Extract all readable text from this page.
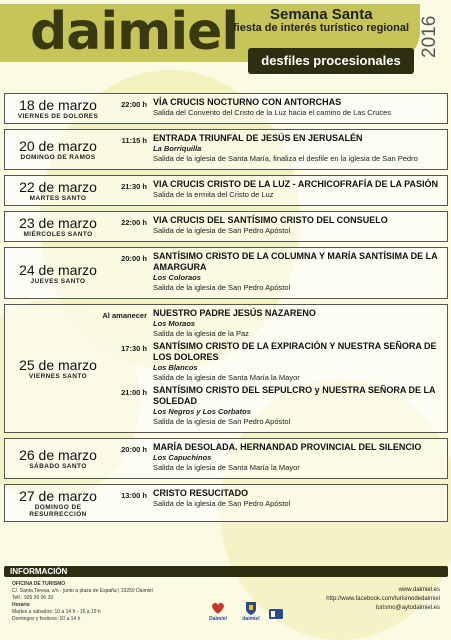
daimiel Semana Santa
fiesta de interés turístico regional
desfiles procesionales
2016
18 de marzo
VIERNES DE DOLORES
22:00 h VÍA CRUCIS NOCTURNO CON ANTORCHAS
Salida del Convento del Cristo de la Luz hacia el camino de Las Cruces
20 de marzo
DOMINGO DE RAMOS
11:15 h ENTRADA TRIUNFAL DE JESÚS EN JERUSALÉN
La Borriquilla
Salida de la iglesia de Santa María, finaliza el desfile en la iglesia de San Pedro
22 de marzo
MARTES SANTO
21:30 h VIA CRUCIS CRISTO DE LA LUZ - ARCHICOFRAFÍA DE LA PASIÓN
Salida de la ermita del Cristo de Luz
23 de marzo
MIÉRCOLES SANTO
22:00 h VIA CRUCIS DEL SANTÍSIMO CRISTO DEL CONSUELO
Salida de la iglesia de San Pedro Apóstol
24 de marzo
JUEVES SANTO
20:00 h SANTÍSIMO CRISTO DE LA COLUMNA Y MARÍA SANTÍSIMA DE LA AMARGURA
Los Coloraos
Salida de la iglesia de San Pedro Apóstol
25 de marzo
VIERNES SANTO
Al amanecer NUESTRO PADRE JESÚS NAZARENO
Los Moraos
Salida de la iglesia de la Paz
17:30 h SANTÍSIMO CRISTO DE LA EXPIRACIÓN Y NUESTRA SEÑORA DE LOS DOLORES
Los Blancos
Salida de la iglesia de Santa María la Mayor
21:00 h SANTÍSIMO CRISTO DEL SEPULCRO y NUESTRA SEÑORA DE LA SOLEDAD
Los Negros y Los Corbatos
Salida de la iglesia de San Pedro Apóstol
26 de marzo
SÁBADO SANTO
20:00 h MARÍA DESOLADA. HERNANDAD PROVINCIAL DEL SILENCIO
Los Capuchinos
Salida de la iglesia de Santa María la Mayor
27 de marzo
DOMINGO DE RESURRECCIÓN
13:00 h CRISTO RESUCITADO
Salida de la iglesia de San Pedro Apóstol
INFORMACIÓN
OFICINA DE TURISMO
C/. Santa Teresa, s/n - junto a plaza de España | 13250 Daimiel
Telf.: 926 26 06 39
Horario
Martes a sábados: 10 a 14 h - 16 a 19 h
Domingos y festivos: 10 a 14 h	Daimiel	daimiel
www.daimiel.es
http://www.facebook.com/turismodedaimiel
turismo@aytodaimiel.es
